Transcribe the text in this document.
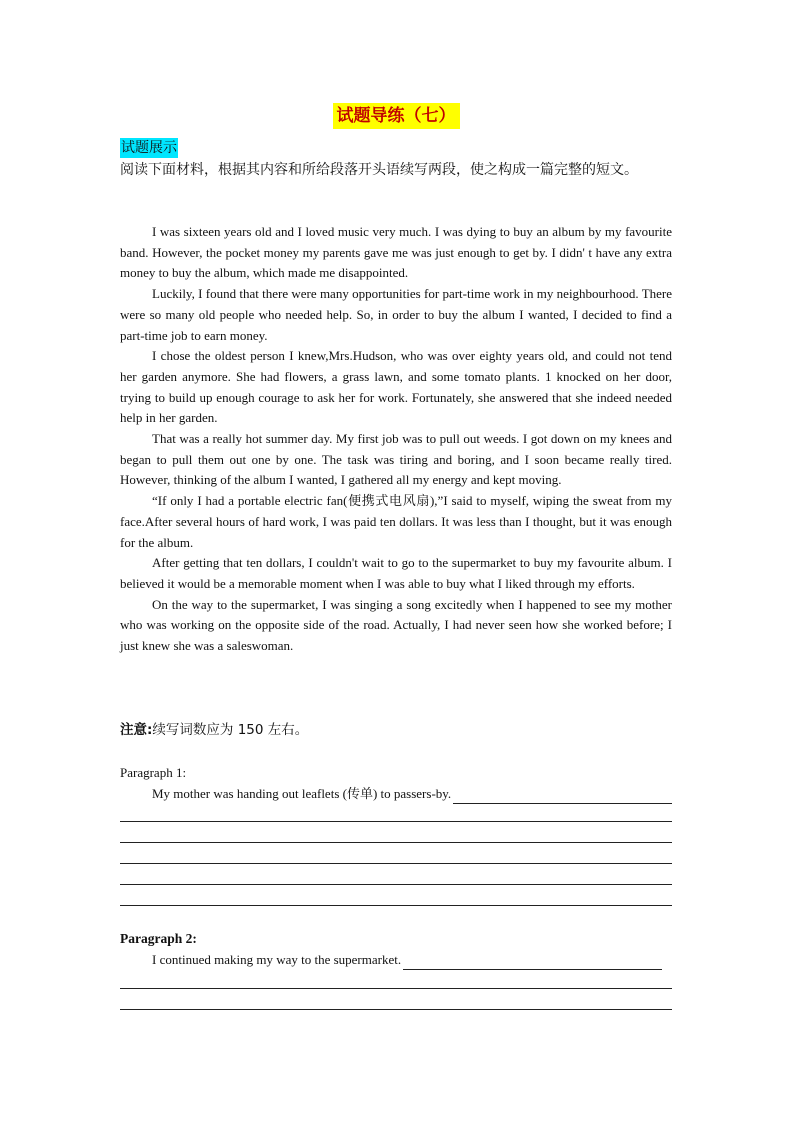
试题导练（七）
试题展示
阅读下面材料，根据其内容和所给段落开头语续写两段，使之构成一篇完整的短文。

I was sixteen years old and I loved music very much. I was dying to buy an album by my favourite band. However, the pocket money my parents gave me was just enough to get by. I didn' t have any extra money to buy the album, which made me disappointed.

Luckily, I found that there were many opportunities for part-time work in my neighbourhood. There were so many old people who needed help. So, in order to buy the album I wanted, I decided to find a part-time job to earn money.

I chose the oldest person I knew,Mrs.Hudson, who was over eighty years old, and could not tend her garden anymore. She had flowers, a grass lawn, and some tomato plants. 1 knocked on her door, trying to build up enough courage to ask her for work. Fortunately, she answered that she indeed needed help in her garden.

That was a really hot summer day. My first job was to pull out weeds. I got down on my knees and began to pull them out one by one. The task was tiring and boring, and I soon became really tired. However, thinking of the album I wanted, I gathered all my energy and kept moving.

“If only I had a portable electric fan(便携式电风扇),”I said to myself, wiping the sweat from my face.After several hours of hard work, I was paid ten dollars. It was less than I thought, but it was enough for the album.

After getting that ten dollars, I couldn't wait to go to the supermarket to buy my favourite album. I believed it would be a memorable moment when I was able to buy what I liked through my efforts.

On the way to the supermarket, I was singing a song excitedly when I happened to see my mother who was working on the opposite side of the road. Actually, I had never seen how she worked before; I just knew she was a saleswoman.

注意:续写词数应为 150 左右。
Paragraph 1:
My mother was handing out leaflets (传单) to passers-by.
Paragraph 2:
I continued making my way to the supermarket.
